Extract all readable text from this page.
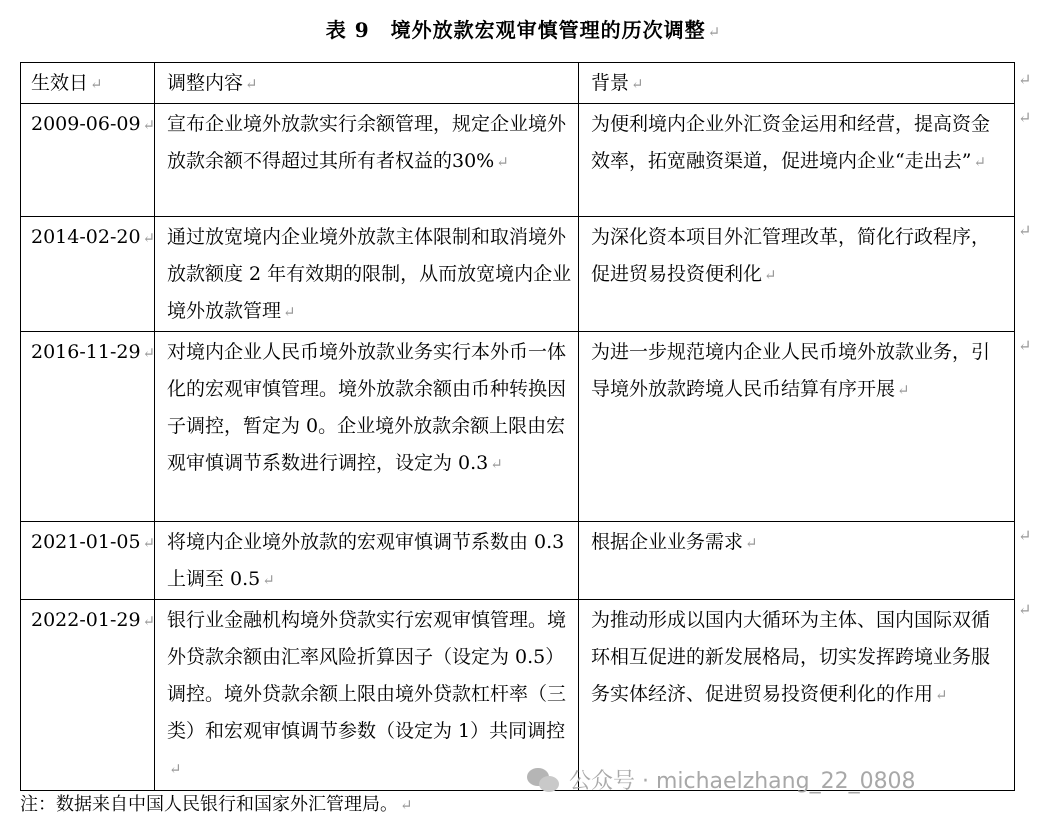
表 9　境外放款宏观审慎管理的历次调整 ↵
生效日 ↵	调整内容 ↵	背景 ↵
2009-06-09 ↵	宣布企业境外放款实行余额管理，规定企业境外放款余额不得超过其所有者权益的30% ↵	为便利境内企业外汇资金运用和经营，提高资金效率，拓宽融资渠道，促进境内企业“走出去” ↵
2014-02-20 ↵	通过放宽境内企业境外放款主体限制和取消境外放款额度 2 年有效期的限制，从而放宽境内企业境外放款管理 ↵	为深化资本项目外汇管理改革，简化行政程序，促进贸易投资便利化 ↵
2016-11-29 ↵	对境内企业人民币境外放款业务实行本外币一体化的宏观审慎管理。境外放款余额由币种转换因子调控，暂定为 0。企业境外放款余额上限由宏观审慎调节系数进行调控，设定为 0.3 ↵	为进一步规范境内企业人民币境外放款业务，引导境外放款跨境人民币结算有序开展 ↵
2021-01-05 ↵	将境内企业境外放款的宏观审慎调节系数由 0.3 上调至 0.5 ↵	根据企业业务需求 ↵
2022-01-29 ↵	银行业金融机构境外贷款实行宏观审慎管理。境外贷款余额由汇率风险折算因子（设定为 0.5）调控。境外贷款余额上限由境外贷款杠杆率（三类）和宏观审慎调节参数（设定为 1）共同调控↵	为推动形成以国内大循环为主体、国内国际双循环相互促进的新发展格局，切实发挥跨境业务服务实体经济、促进贸易投资便利化的作用 ↵
↵
↵
↵
↵
↵
↵
公众号 · michaelzhang_22_0808
注：数据来自中国人民银行和国家外汇管理局。 ↵
